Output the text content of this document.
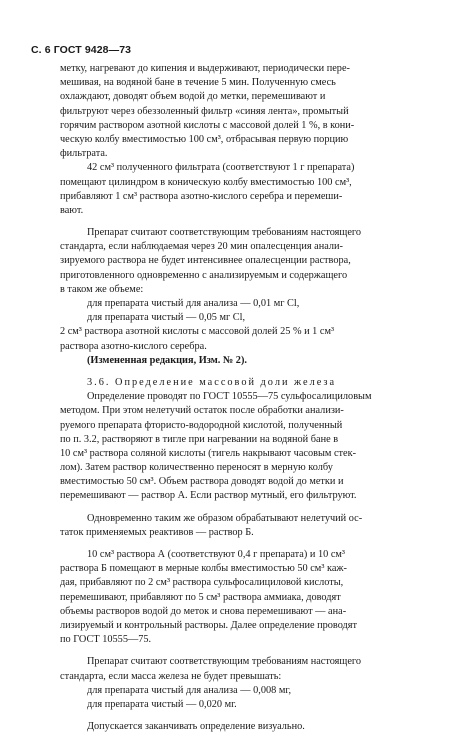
С. 6 ГОСТ 9428—73
метку, нагревают до кипения и выдерживают, периодически пере-
мешивая, на водяной бане в течение 5 мин. Полученную смесь
охлаждают, доводят объем водой до метки, перемешивают и
фильтруют через обеззоленный фильтр «синяя лента», промытый
горячим раствором азотной кислоты с массовой долей 1 %, в кони-
ческую колбу вместимостью 100 см³, отбрасывая первую порцию
фильтрата.
42 см³ полученного фильтрата (соответствуют 1 г препарата)
помещают цилиндром в коническую колбу вместимостью 100 см³,
прибавляют 1 см³ раствора азотно-кислого серебра и перемеши-
вают.
Препарат считают соответствующим требованиям настоящего
стандарта, если наблюдаемая через 20 мин опалесценция анали-
зируемого раствора не будет интенсивнее опалесценции раствора,
приготовленного одновременно с анализируемым и содержащего
в таком же объеме:
для препарата чистый для анализа — 0,01 мг Cl,
для препарата чистый — 0,05 мг Cl,
2 см³ раствора азотной кислоты с массовой долей 25 % и 1 см³
раствора азотно-кислого серебра.
(Измененная редакция, Изм. № 2).
3.6. Определение массовой доли железа
Определение проводят по ГОСТ 10555—75 сульфосалициловым
методом. При этом нелетучий остаток после обработки анализи-
руемого препарата фтористо-водородной кислотой, полученный
по п. 3.2, растворяют в тигле при нагревании на водяной бане в
10 см³ раствора соляной кислоты (тигель накрывают часовым стек-
лом). Затем раствор количественно переносят в мерную колбу
вместимостью 50 см³. Объем раствора доводят водой до метки и
перемешивают — раствор А. Если раствор мутный, его фильтруют.
Одновременно таким же образом обрабатывают нелетучий ос-
таток применяемых реактивов — раствор Б.
10 см³ раствора А (соответствуют 0,4 г препарата) и 10 см³
раствора Б помещают в мерные колбы вместимостью 50 см³ каж-
дая, прибавляют по 2 см³ раствора сульфосалициловой кислоты,
перемешивают, прибавляют по 5 см³ раствора аммиака, доводят
объемы растворов водой до меток и снова перемешивают — ана-
лизируемый и контрольный растворы. Далее определение проводят
по ГОСТ 10555—75.
Препарат считают соответствующим требованиям настоящего
стандарта, если масса железа не будет превышать:
для препарата чистый для анализа — 0,008 мг,
для препарата чистый — 0,020 мг.
Допускается заканчивать определение визуально.
